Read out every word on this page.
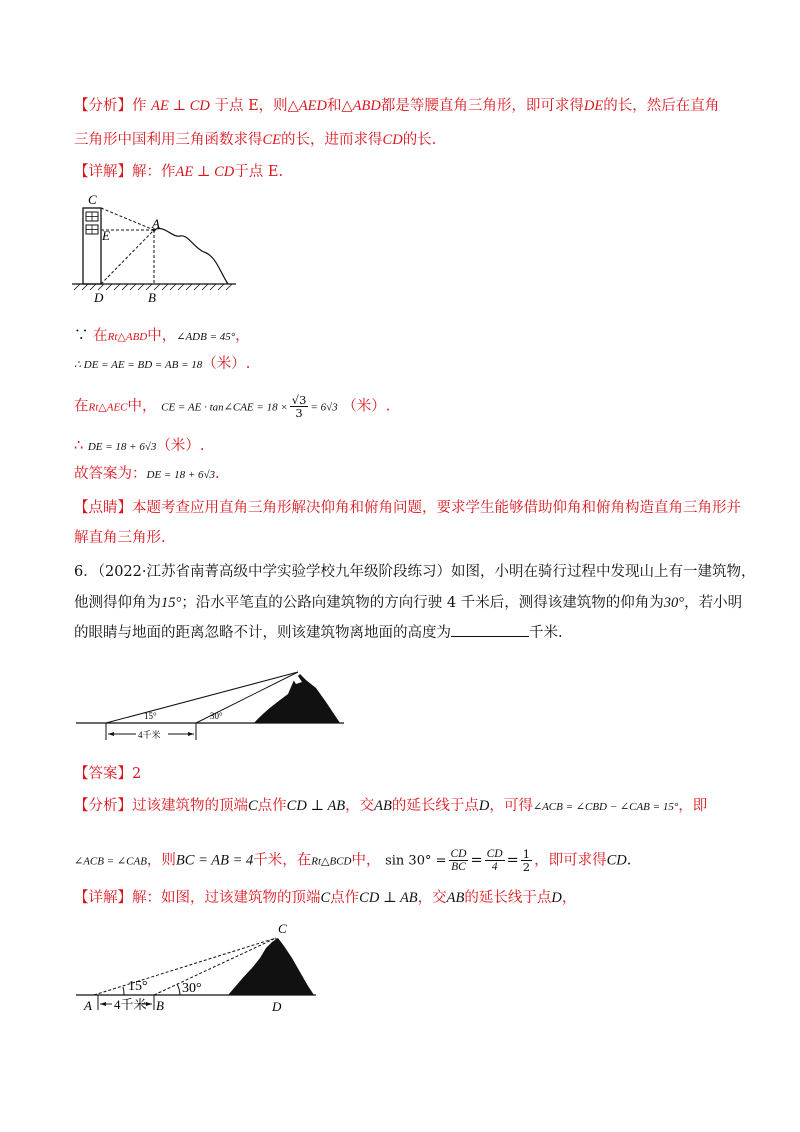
【分析】作 AE ⊥ CD 于点 E，则△AED和△ABD都是等腰直角三角形，即可求得DE的长，然后在直角
三角形中国利用三角函数求得CE的长，进而求得CD的长.
【详解】解：作AE ⊥ CD于点 E.
C
A
E
D	B
∵ 在Rt△ABD中，∠ADB = 45°，
∴ DE = AE = BD = AB = 18（米）.
在Rt△AEC中， CE = AE · tan∠CAE = $18 \times \frac{√3}{3} = 6√3$ （米）.
∴ DE = 18 + 6√3（米）.
故答案为：DE = 18 + 6√3.
【点睛】本题考查应用直角三角形解决仰角和俯角问题，要求学生能够借助仰角和俯角构造直角三角形并
解直角三角形.
6．（2022·江苏省南菁高级中学实验学校九年级阶段练习）如图，小明在骑行过程中发现山上有一建筑物，
他测得仰角为15°；沿水平笔直的公路向建筑物的方向行驶 4 千米后，测得该建筑物的仰角为30°，若小明
的眼睛与地面的距离忽略不计，则该建筑物离地面的高度为	千米.
15°	30°
4千米
【答案】2
【分析】过该建筑物的顶端C点作CD ⊥ AB，交AB的延长线于点D，可得∠ACB = ∠CBD − ∠CAB = 15°，即
∠ACB = ∠CAB，则BC = AB = 4千米，在Rt△BCD中， $\sin 30^\circ = \frac{CD}{BC} = \frac{CD}{4} = \frac{1}{2}$ ，即可求得CD.
【详解】解：如图，过该建筑物的顶端C点作CD ⊥ AB，交AB的延长线于点D，
C
A	B	D
15° 30°
4千米
